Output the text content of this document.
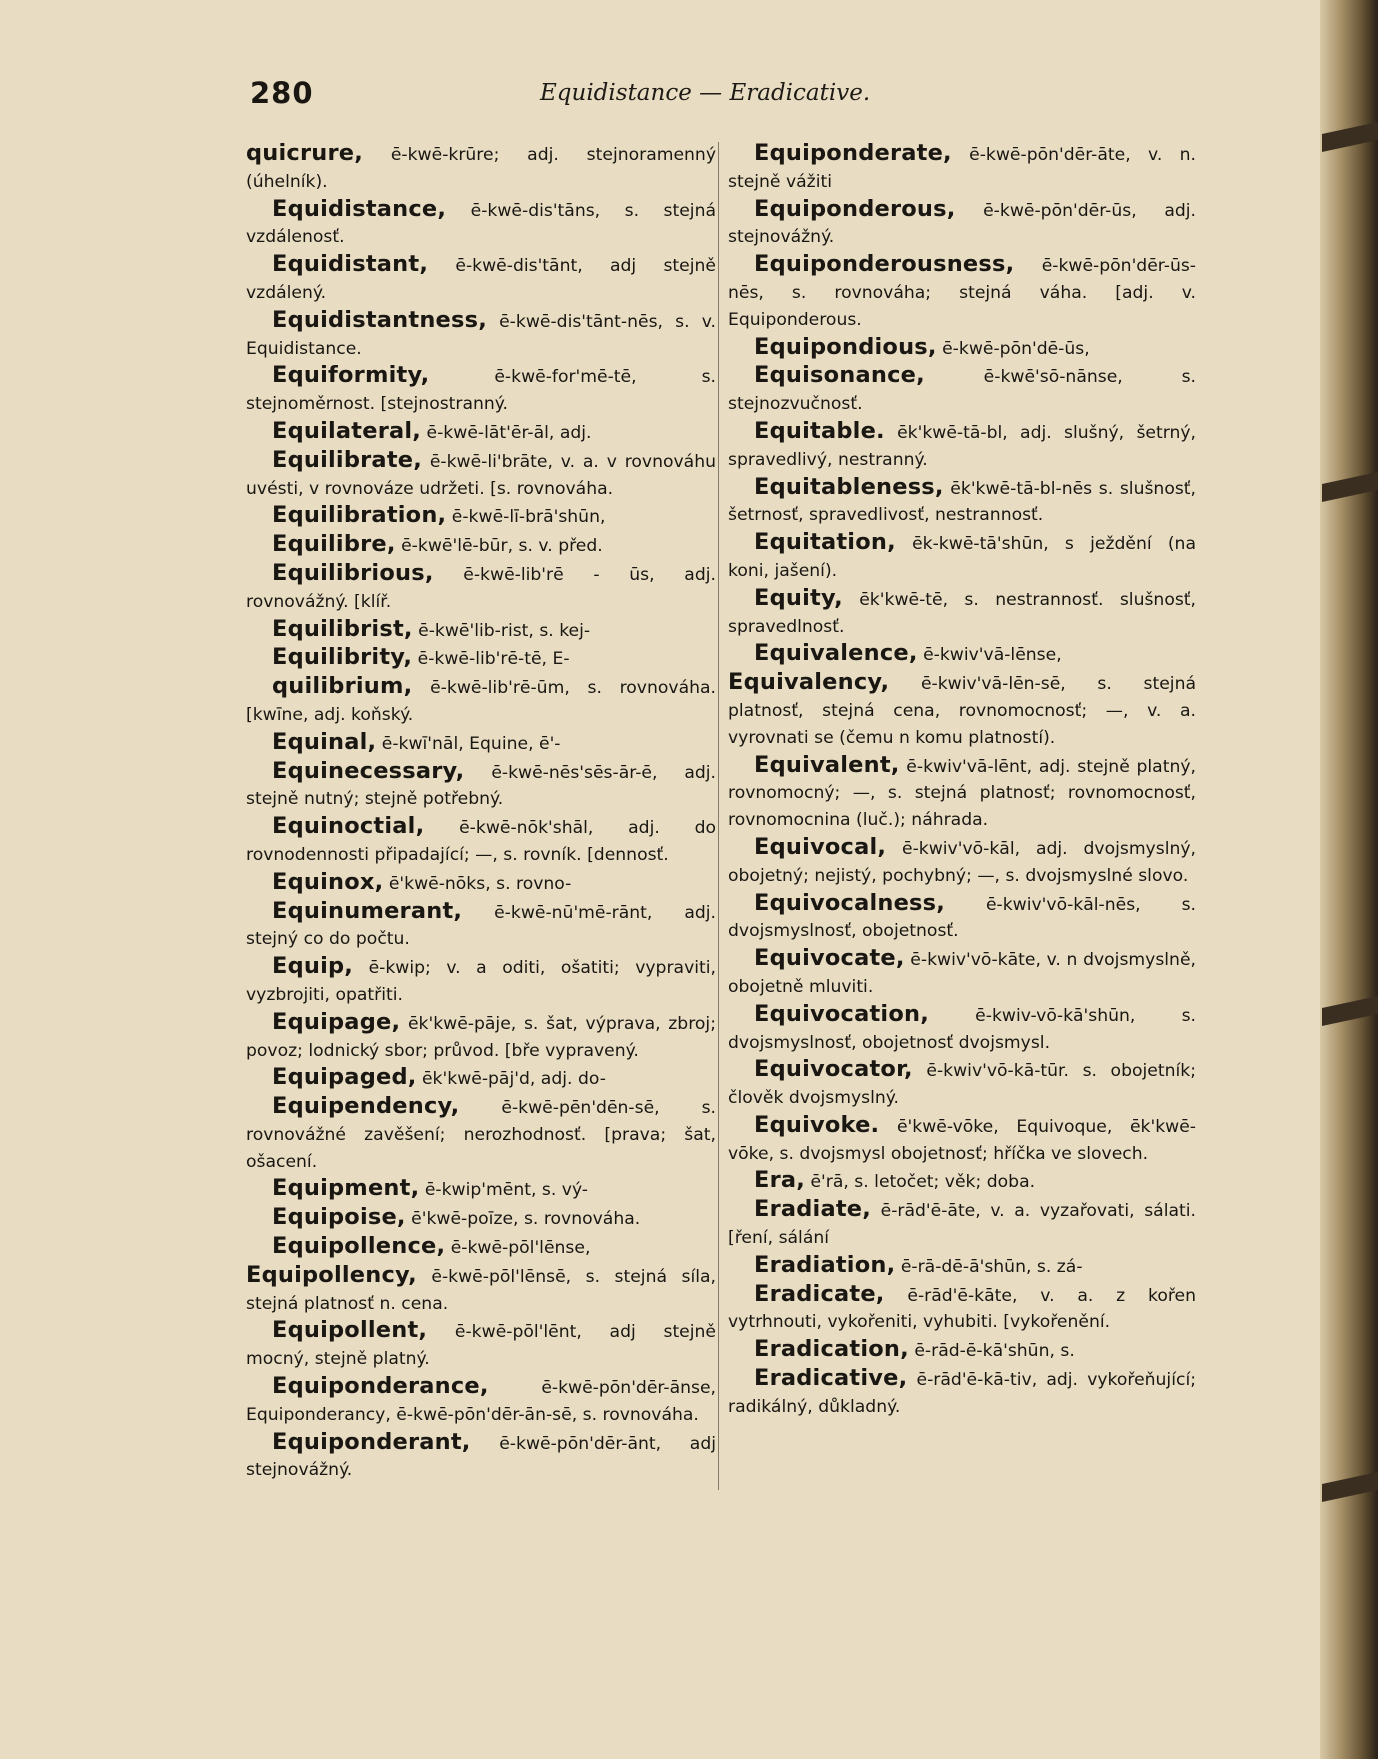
280	Equidistance — Eradicative.

quicrure, ē-kwē-krūre; adj. stejnoramenný (úhelník).

Equidistance, ē-kwē-dis'tāns, s. stejná vzdálenosť.

Equidistant, ē-kwē-dis'tānt, adj stejně vzdálený.

Equidistantness, ē-kwē-dis'tānt-nēs, s. v. Equidistance.

Equiformity,	ē-kwē-for'mē-tē, s. stejnoměrnost. [stejnostranný.

Equilateral, ē-kwē-lāt'ēr-āl, adj.

Equilibrate, ē-kwē-li'brāte, v. a. v rovnováhu uvésti, v rovnováze udržeti. [s. rovnováha.

Equilibration, ē-kwē-lī-brā'shūn,

Equilibre, ē-kwē'lē-būr, s. v. před.

Equilibrious, ē-kwē-lib'rē - ūs, adj. rovnovážný. [klíř.

Equilibrist, ē-kwē'lib-rist, s. kej-

Equilibrity, ē-kwē-lib'rē-tē, E-

quilibrium, ē-kwē-lib'rē-ūm, s. rovnováha. [kwīne, adj. koňský.

Equinal, ē-kwī'nāl, Equine, ē'-

Equinecessary, ē-kwē-nēs'sēs-ār-ē, adj. stejně nutný; stejně potřebný.

Equinoctial, ē-kwē-nōk'shāl, adj. do rovnodennosti připadající; —, s. rovník. [dennosť.

Equinox, ē'kwē-nōks, s. rovno-

Equinumerant, ē-kwē-nū'mē-rānt, adj. stejný co do počtu.

Equip, ē-kwip; v. a oditi, ošatiti; vypraviti, vyzbrojiti, opatřiti.

Equipage, ēk'kwē-pāje, s. šat, výprava, zbroj; povoz; lodnický sbor; průvod. [bře vypravený.

Equipaged, ēk'kwē-pāj'd, adj. do-

Equipendency, ē-kwē-pēn'dēn-sē, s. rovnovážné zavěšení; nerozhodnosť. [prava; šat, ošacení.

Equipment, ē-kwip'mēnt, s. vý-

Equipoise, ē'kwē-poīze, s. rovnováha.

Equipollence, ē-kwē-pōl'lēnse,

Equipollency, ē-kwē-pōl'lēnsē, s. stejná síla, stejná platnosť n. cena.

Equipollent, ē-kwē-pōl'lēnt, adj stejně mocný, stejně platný.

Equiponderance,	ē-kwē-pōn'dēr-ānse, Equiponderancy, ē-kwē-pōn'dēr-ān-sē, s. rovnováha.

Equiponderant, ē-kwē-pōn'dēr-ānt, adj stejnovážný.

Equiponderate, ē-kwē-pōn'dēr-āte, v. n. stejně vážiti

Equiponderous, ē-kwē-pōn'dēr-ūs, adj. stejnovážný.

Equiponderousness, ē-kwē-pōn'dēr-ūs-nēs, s. rovnováha; stejná váha. [adj. v. Equiponderous.

Equipondious, ē-kwē-pōn'dē-ūs,

Equisonance,	ē-kwē'sō-nānse, s. stejnozvučnosť.

Equitable. ēk'kwē-tā-bl, adj. slušný, šetrný, spravedlivý, nestranný.

Equitableness, ēk'kwē-tā-bl-nēs s. slušnosť, šetrnosť, spravedlivosť, nestrannosť.

Equitation, ēk-kwē-tā'shūn, s ježdění (na koni, jašení).

Equity, ēk'kwē-tē, s. nestrannosť. slušnosť, spravedlnosť.

Equivalence, ē-kwiv'vā-lēnse,

Equivalency, ē-kwiv'vā-lēn-sē, s. stejná platnosť, stejná cena, rovnomocnosť; —, v. a. vyrovnati se (čemu n komu platností).

Equivalent, ē-kwiv'vā-lēnt, adj. stejně platný, rovnomocný; —, s. stejná platnosť; rovnomocnosť, rovnomocnina (luč.); náhrada.

Equivocal, ē-kwiv'vō-kāl, adj. dvojsmyslný, obojetný; nejistý, pochybný; —, s. dvojsmyslné slovo.

Equivocalness, ē-kwiv'vō-kāl-nēs, s. dvojsmyslnosť, obojetnosť.

Equivocate, ē-kwiv'vō-kāte, v. n dvojsmyslně, obojetně mluviti.

Equivocation,	ē-kwiv-vō-kā'shūn, s. dvojsmyslnosť, obojetnosť dvojsmysl.

Equivocator, ē-kwiv'vō-kā-tūr. s. obojetník; člověk dvojsmyslný.

Equivoke. ē'kwē-vōke, Equivoque, ēk'kwē-vōke, s. dvojsmysl obojetnosť; hříčka ve slovech.

Era, ē'rā, s. letočet; věk; doba.

Eradiate, ē-rād'ē-āte, v. a. vyzařovati, sálati. [ření, sálání

Eradiation, ē-rā-dē-ā'shūn, s. zá-

Eradicate, ē-rād'ē-kāte, v. a. z kořen vytrhnouti, vykořeniti, vyhubiti. [vykořenění.

Eradication, ē-rād-ē-kā'shūn, s.

Eradicative, ē-rād'ē-kā-tiv, adj. vykořeňující; radikálný, důkladný.
